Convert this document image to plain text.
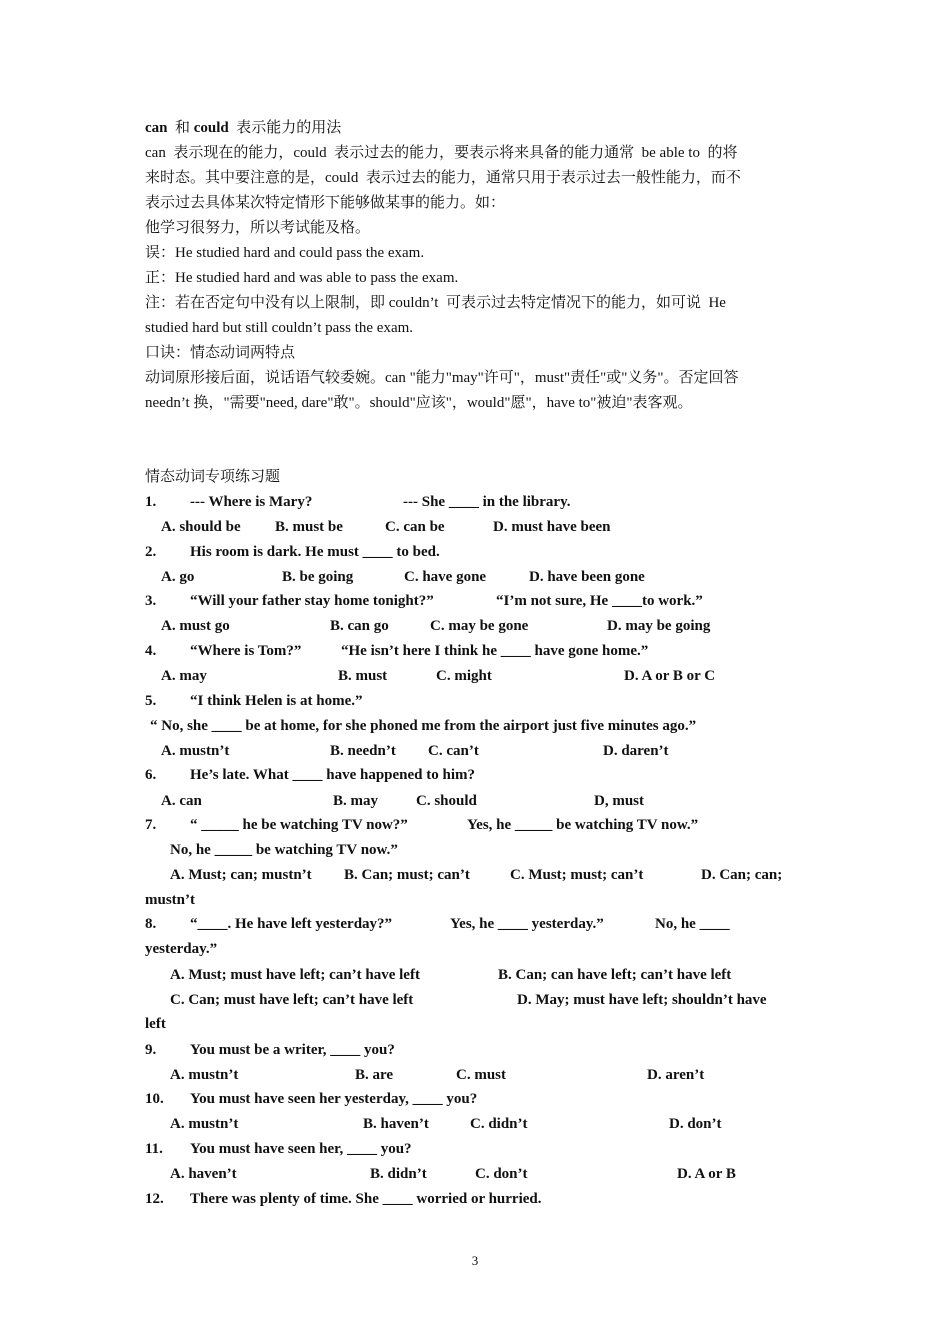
can 和 could 表示能力的用法
can  表示现在的能力，could  表示过去的能力，要表示将来具备的能力通常  be able to  的将
来时态。其中要注意的是，could  表示过去的能力，通常只用于表示过去一般性能力，而不
表示过去具体某次特定情形下能够做某事的能力。如：
他学习很努力，所以考试能及格。
误：He studied hard and could pass the exam.
正：He studied hard and was able to pass the exam.
注：若在否定句中没有以上限制，即 couldn’t  可表示过去特定情况下的能力，如可说  He
studied hard but still couldn’t pass the exam.
口诀：情态动词两特点
动词原形接后面，说话语气较委婉。can "能力"may"许可"，must"责任"或"义务"。否定回答
needn’t 换，"需要"need, dare"敢"。should"应该"，would"愿"，have to"被迫"表客观。
情态动词专项练习题
1. --- Where is Mary?	--- She ____ in the library.
A. should be B. must be	C. can be	D. must have been
2. His room is dark. He must ____ to bed.
A. go	B. be going	C. have gone	D. have been gone
3. “Will your father stay home tonight?”	“I’m not sure, He ____to work.”
A. must go	B. can go	C. may be gone	D. may be going
4. “Where is Tom?”	“He isn’t here I think he ____ have gone home.”
A. may	B. must	C. might	D. A or B or C
5. “I think Helen is at home.”
“ No, she ____ be at home, for she phoned me from the airport just five minutes ago.”
A. mustn’t	B. needn’t C. can’t	D. daren’t
6. He’s late. What ____ have happened to him?
A. can	B. may	C. should	D, must
7. “ _____ he be watching TV now?”	Yes, he _____ be watching TV now.”
No, he _____ be watching TV now.”
A. Must; can; mustn’t B. Can; must; can’t	C. Must; must; can’t	D. Can; can;
mustn’t
8. “____. He have left yesterday?”	Yes, he ____ yesterday.”	No, he ____
yesterday.”
A. Must; must have left; can’t have left	B. Can; can have left; can’t have left
C. Can; must have left; can’t have left	D. May; must have left; shouldn’t have
left
9. You must be a writer, ____ you?
A. mustn’t	B. are	C. must	D. aren’t
10. You must have seen her yesterday, ____ you?
A. mustn’t	B. haven’t	C. didn’t	D. don’t
11. You must have seen her, ____ you?
A. haven’t	B. didn’t	C. don’t	D. A or B
12. There was plenty of time. She ____ worried or hurried.
3
